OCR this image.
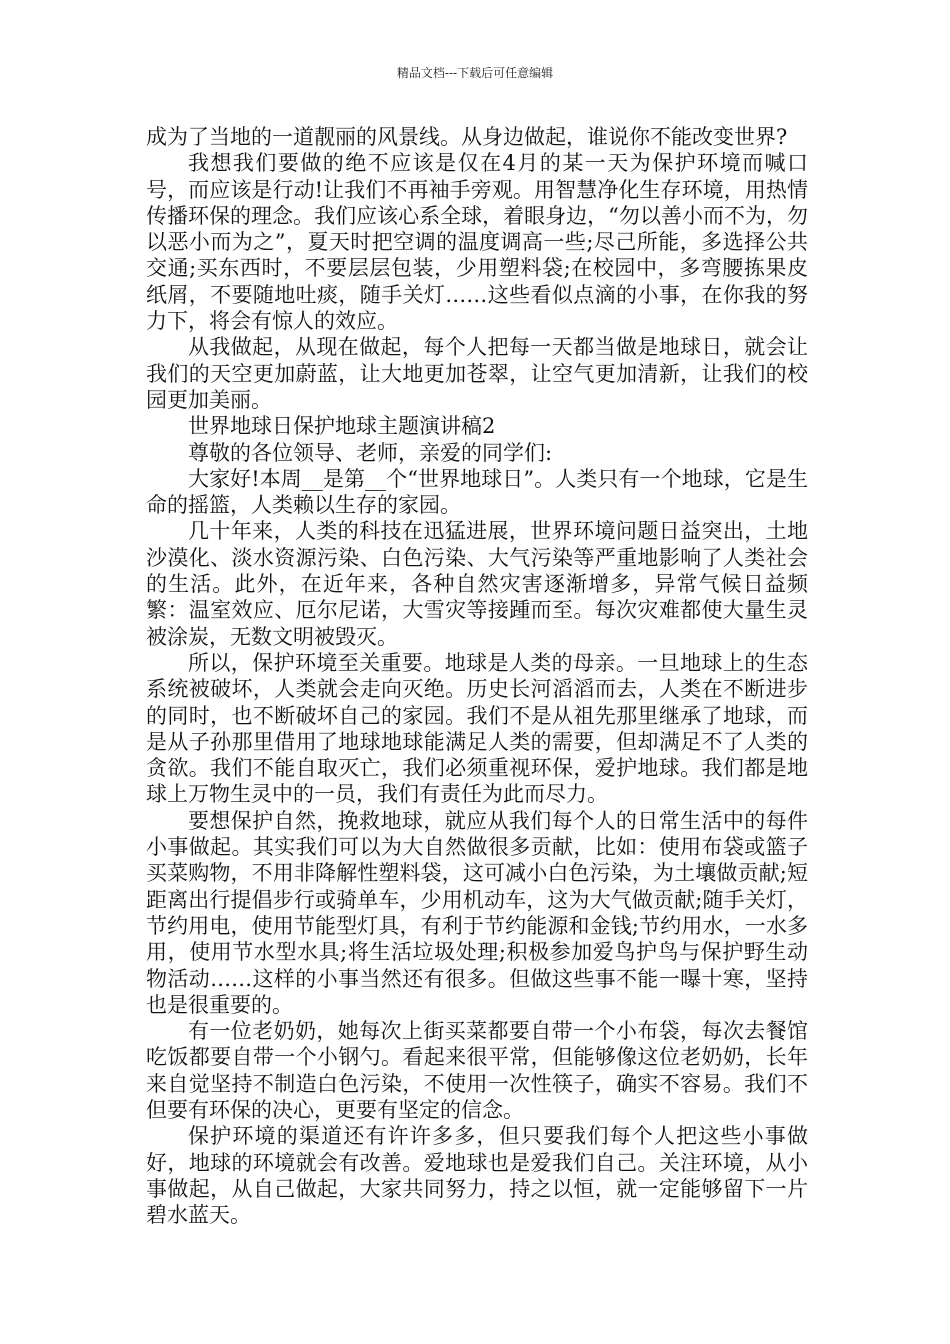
精品文档---下载后可任意编辑

成为了当地的一道靓丽的风景线。从身边做起，谁说你不能改变世界?

我想我们要做的绝不应该是仅在4月的某一天为保护环境而喊口号，而应该是行动!让我们不再袖手旁观。用智慧净化生存环境，用热情传播环保的理念。我们应该心系全球，着眼身边，“勿以善小而不为，勿以恶小而为之”，夏天时把空调的温度调高一些;尽己所能，多选择公共交通;买东西时，不要层层包装，少用塑料袋;在校园中，多弯腰拣果皮纸屑，不要随地吐痰，随手关灯……这些看似点滴的小事，在你我的努力下，将会有惊人的效应。

从我做起，从现在做起，每个人把每一天都当做是地球日，就会让我们的天空更加蔚蓝，让大地更加苍翠，让空气更加清新，让我们的校园更加美丽。

世界地球日保护地球主题演讲稿2

尊敬的各位领导、老师，亲爱的同学们:

大家好!本周__是第__个“世界地球日”。人类只有一个地球，它是生命的摇篮，人类赖以生存的家园。

几十年来，人类的科技在迅猛进展，世界环境问题日益突出，土地沙漠化、淡水资源污染、白色污染、大气污染等严重地影响了人类社会的生活。此外，在近年来，各种自然灾害逐渐增多，异常气候日益频繁：温室效应、厄尔尼诺，大雪灾等接踵而至。每次灾难都使大量生灵被涂炭，无数文明被毁灭。

所以，保护环境至关重要。地球是人类的母亲。一旦地球上的生态系统被破坏，人类就会走向灭绝。历史长河滔滔而去，人类在不断进步的同时，也不断破坏自己的家园。我们不是从祖先那里继承了地球，而是从子孙那里借用了地球地球能满足人类的需要，但却满足不了人类的贪欲。我们不能自取灭亡，我们必须重视环保，爱护地球。我们都是地球上万物生灵中的一员，我们有责任为此而尽力。

要想保护自然，挽救地球，就应从我们每个人的日常生活中的每件小事做起。其实我们可以为大自然做很多贡献，比如：使用布袋或篮子买菜购物，不用非降解性塑料袋，这可减小白色污染，为土壤做贡献;短距离出行提倡步行或骑单车，少用机动车，这为大气做贡献;随手关灯，节约用电，使用节能型灯具，有利于节约能源和金钱;节约用水，一水多用，使用节水型水具;将生活垃圾处理;积极参加爱鸟护鸟与保护野生动物活动……这样的小事当然还有很多。但做这些事不能一曝十寒，坚持也是很重要的。

有一位老奶奶，她每次上街买菜都要自带一个小布袋，每次去餐馆吃饭都要自带一个小钢勺。看起来很平常，但能够像这位老奶奶，长年来自觉坚持不制造白色污染，不使用一次性筷子，确实不容易。我们不但要有环保的决心，更要有坚定的信念。

保护环境的渠道还有许许多多，但只要我们每个人把这些小事做好，地球的环境就会有改善。爱地球也是爱我们自己。关注环境，从小事做起，从自己做起，大家共同努力，持之以恒，就一定能够留下一片碧水蓝天。
